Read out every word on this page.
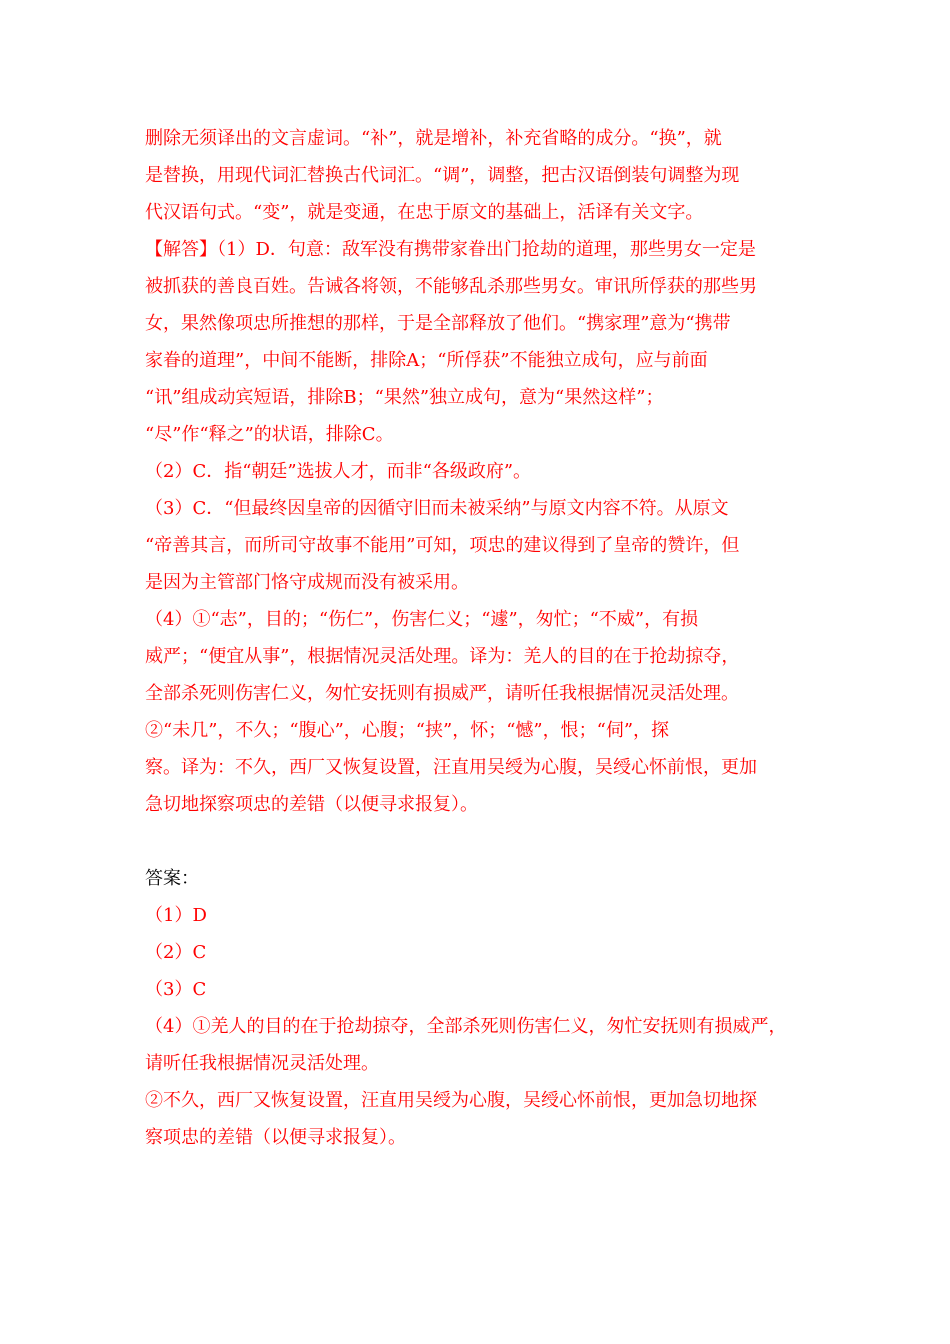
删除无须译出的文言虚词。“补”，就是增补，补充省略的成分。“换”，就
是替换，用现代词汇替换古代词汇。“调”，调整，把古汉语倒装句调整为现
代汉语句式。“变”，就是变通，在忠于原文的基础上，活译有关文字。
【解答】（1）D．句意：敌军没有携带家眷出门抢劫的道理，那些男女一定是
被抓获的善良百姓。告诫各将领，不能够乱杀那些男女。审讯所俘获的那些男
女，果然像项忠所推想的那样，于是全部释放了他们。“携家理”意为“携带
家眷的道理”，中间不能断，排除A；“所俘获”不能独立成句，应与前面
“讯”组成动宾短语，排除B；“果然”独立成句，意为“果然这样”；
“尽”作“释之”的状语，排除C。
（2）C．指“朝廷”选拔人才，而非“各级政府”。
（3）C．“但最终因皇帝的因循守旧而未被采纳”与原文内容不符。从原文
“帝善其言，而所司守故事不能用”可知，项忠的建议得到了皇帝的赞许，但
是因为主管部门恪守成规而没有被采用。
（4）①“志”，目的；“伤仁”，伤害仁义；“遽”，匆忙；“不威”，有损
威严；“便宜从事”，根据情况灵活处理。译为：羌人的目的在于抢劫掠夺，
全部杀死则伤害仁义，匆忙安抚则有损威严，请听任我根据情况灵活处理。
②“未几”，不久；“腹心”，心腹；“挟”，怀；“憾”，恨；“伺”，探
察。译为：不久，西厂又恢复设置，汪直用吴绶为心腹，吴绶心怀前恨，更加
急切地探察项忠的差错（以便寻求报复）。
答案：
（1）D
（2）C
（3）C
（4）①羌人的目的在于抢劫掠夺，全部杀死则伤害仁义，匆忙安抚则有损威严，
请听任我根据情况灵活处理。
②不久，西厂又恢复设置，汪直用吴绶为心腹，吴绶心怀前恨，更加急切地探
察项忠的差错（以便寻求报复）。
